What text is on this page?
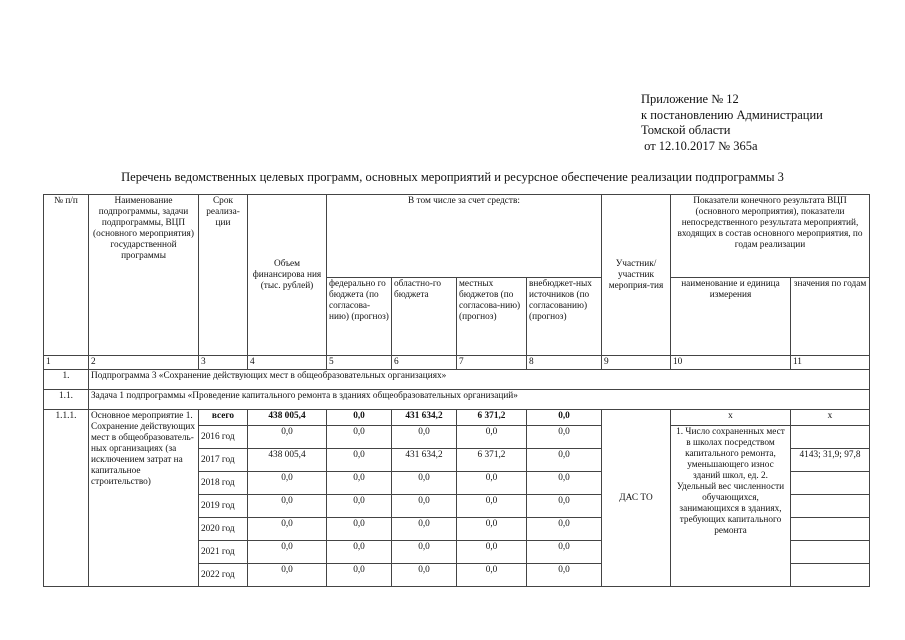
Приложение № 12
к постановлению Администрации
Томской области
от 12.10.2017 № 365а
Перечень ведомственных целевых программ, основных мероприятий и ресурсное обеспечение реализации подпрограммы 3
№ п/п	Наименование подпрограммы, задачи подпрограммы, ВЦП (основного мероприятия) государственной программы	Срок реализа-ции	Объем финансирова ния (тыс. рублей)	В том числе за счет средств:				Участник/ участник мероприя-тия	Показатели конечного результата ВЦП (основного мероприятия), показатели непосредственного результата мероприятий, входящих в состав основного мероприятия, по годам реализации	
				федерально го бюджета (по согласова-нию) (прогноз)	областно-го бюджета	местных бюджетов (по согласова-нию) (прогноз)	внебюджет-ных источников (по согласованию) (прогноз)		наименование и единица измерения	значения по годам
1	2	3	4	5	6	7	8	9	10	11
1.	Подпрограмма 3 «Сохранение действующих мест в общеобразовательных организациях»									
1.1.	Задача 1 подпрограммы «Проведение капитального ремонта в зданиях общеобразовательных организаций»									
1.1.1.	Основное мероприятие 1. Сохранение действующих мест в общеобразователь-ных организациях (за исключением затрат на капитальное строительство)	всего	438 005,4	0,0	431 634,2	6 371,2	0,0	ДАС ТО	х	х
		2016 год	0,0	0,0	0,0	0,0	0,0		1. Число сохраненных мест в школах посредством капитального ремонта, уменьшающего износ зданий школ, ед. 2. Удельный вес численности обучающихся, занимающихся в зданиях, требующих капитального ремонта	
		2017 год	438 005,4	0,0	431 634,2	6 371,2	0,0			4143; 31,9; 97,8
		2018 год	0,0	0,0	0,0	0,0	0,0			
		2019 год	0,0	0,0	0,0	0,0	0,0			
		2020 год	0,0	0,0	0,0	0,0	0,0			
		2021 год	0,0	0,0	0,0	0,0	0,0			
		2022 год	0,0	0,0	0,0	0,0	0,0			
